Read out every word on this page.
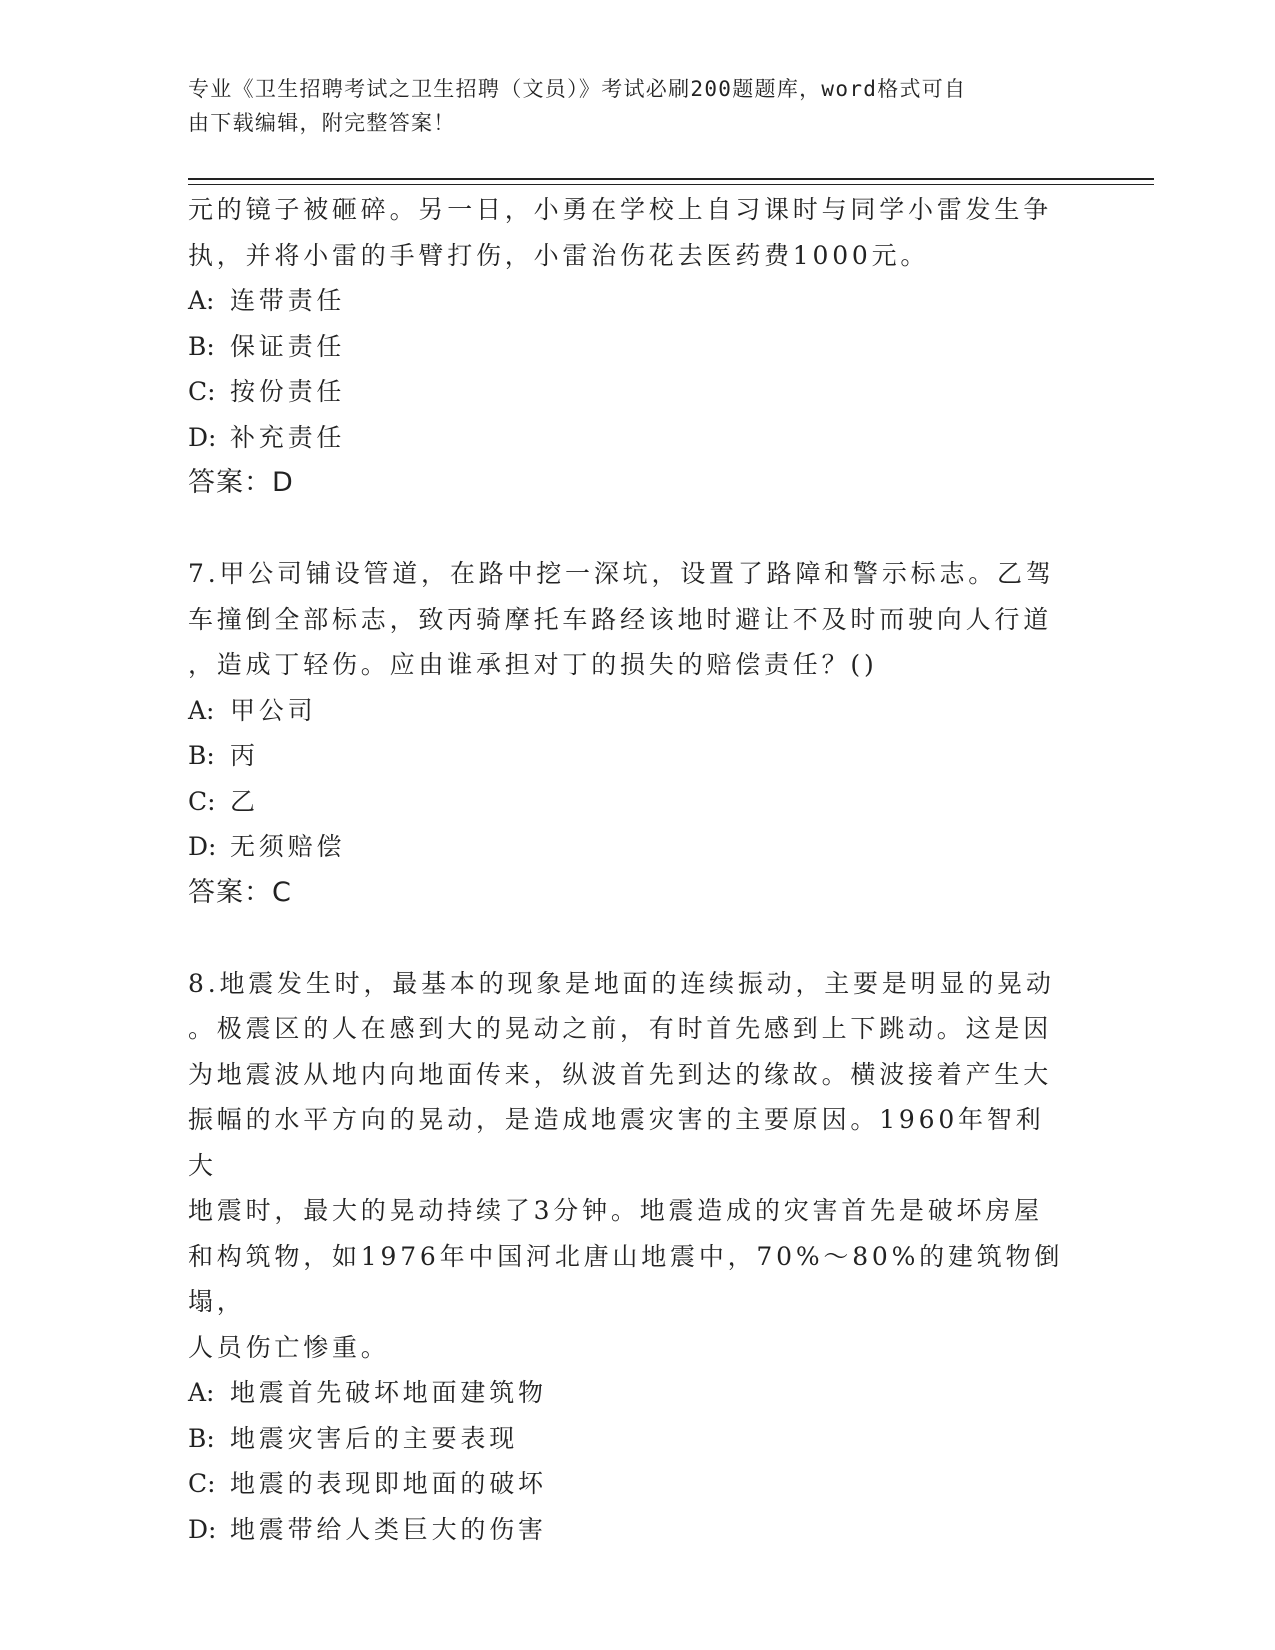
专业《卫生招聘考试之卫生招聘（文员）》考试必刷200题题库，word格式可自
由下载编辑，附完整答案！

元的镜子被砸碎。另一日，小勇在学校上自习课时与同学小雷发生争

执，并将小雷的手臂打伤，小雷治伤花去医药费1000元。

A: 连带责任

B: 保证责任

C: 按份责任

D: 补充责任

答案：D

7.甲公司铺设管道，在路中挖一深坑，设置了路障和警示标志。乙驾

车撞倒全部标志，致丙骑摩托车路经该地时避让不及时而驶向人行道

，造成丁轻伤。应由谁承担对丁的损失的赔偿责任？()

A: 甲公司

B: 丙

C: 乙

D: 无须赔偿

答案：C

8.地震发生时，最基本的现象是地面的连续振动，主要是明显的晃动

。极震区的人在感到大的晃动之前，有时首先感到上下跳动。这是因

为地震波从地内向地面传来，纵波首先到达的缘故。横波接着产生大

振幅的水平方向的晃动，是造成地震灾害的主要原因。1960年智利大

地震时，最大的晃动持续了3分钟。地震造成的灾害首先是破坏房屋

和构筑物，如1976年中国河北唐山地震中，70%～80%的建筑物倒塌，

人员伤亡惨重。

A: 地震首先破坏地面建筑物

B: 地震灾害后的主要表现

C: 地震的表现即地面的破坏

D: 地震带给人类巨大的伤害
